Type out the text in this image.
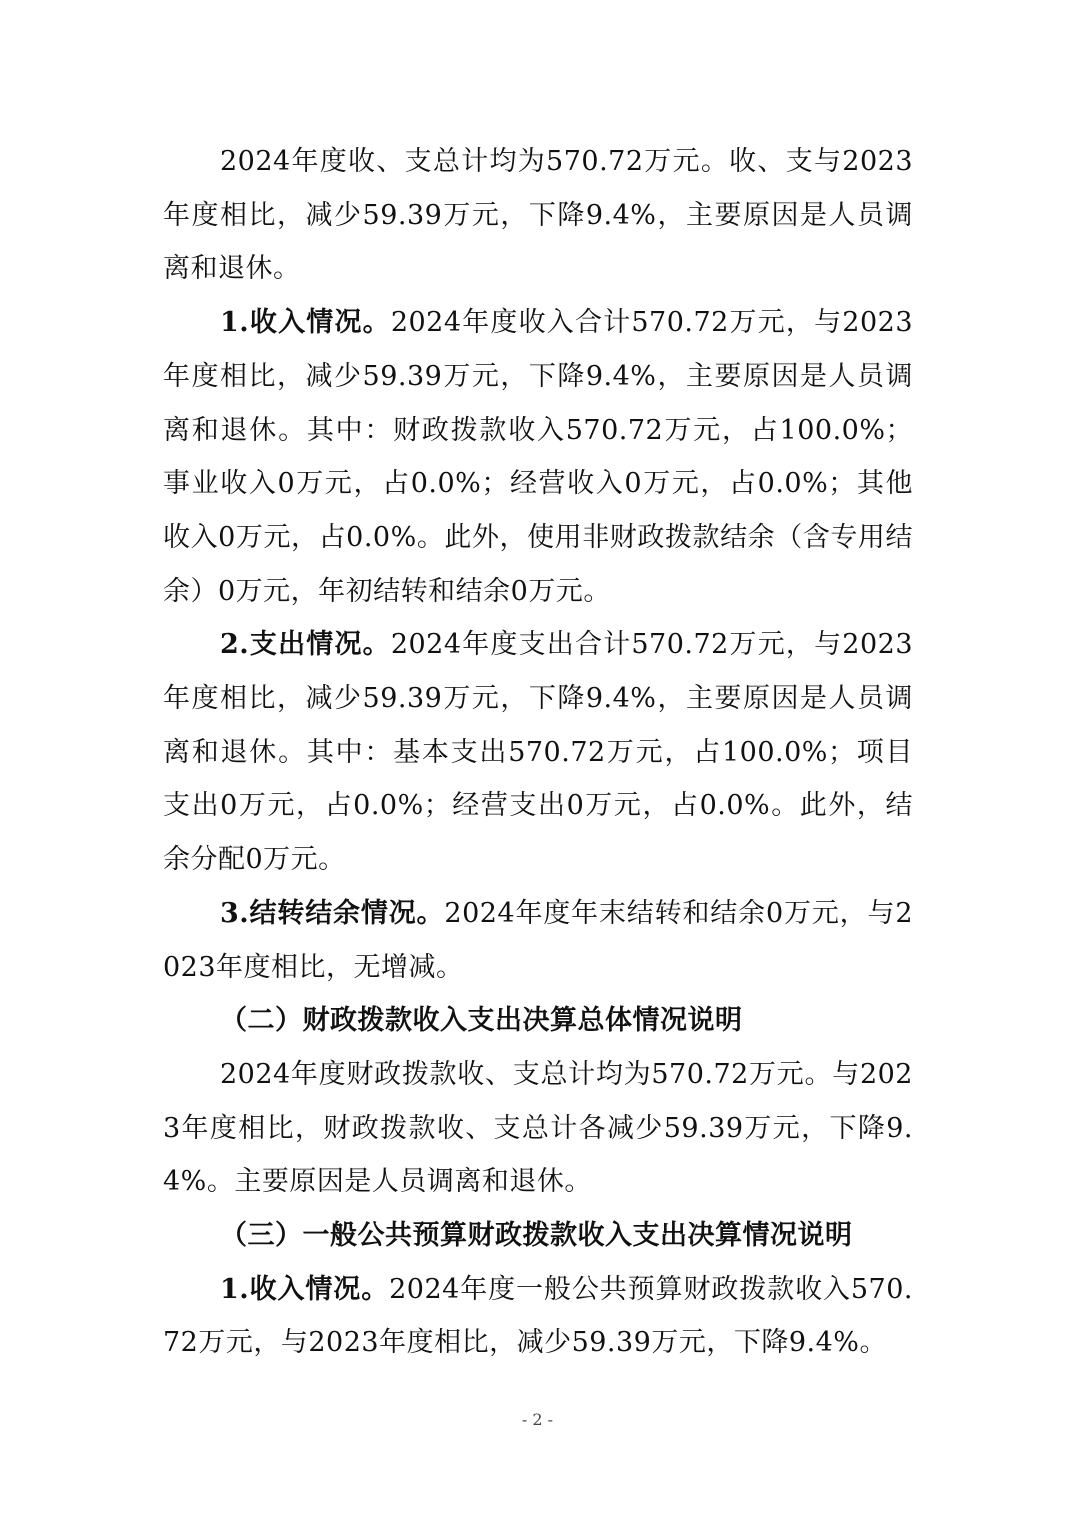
2024年度收、支总计均为570.72万元。收、支与2023年度相比，减少59.39万元，下降9.4%，主要原因是人员调离和退休。

1.收入情况。2024年度收入合计570.72万元，与2023年度相比，减少59.39万元，下降9.4%，主要原因是人员调离和退休。其中：财政拨款收入570.72万元，占100.0%；事业收入0万元，占0.0%；经营收入0万元，占0.0%；其他收入0万元，占0.0%。此外，使用非财政拨款结余（含专用结余）0万元，年初结转和结余0万元。

2.支出情况。2024年度支出合计570.72万元，与2023年度相比，减少59.39万元，下降9.4%，主要原因是人员调离和退休。其中：基本支出570.72万元，占100.0%；项目支出0万元，占0.0%；经营支出0万元，占0.0%。此外，结余分配0万元。

3.结转结余情况。2024年度年末结转和结余0万元，与2023年度相比，无增减。

（二）财政拨款收入支出决算总体情况说明

2024年度财政拨款收、支总计均为570.72万元。与2023年度相比，财政拨款收、支总计各减少59.39万元，下降9.4%。主要原因是人员调离和退休。

（三）一般公共预算财政拨款收入支出决算情况说明

1.收入情况。2024年度一般公共预算财政拨款收入570.72万元，与2023年度相比，减少59.39万元，下降9.4%。

- 2 -
